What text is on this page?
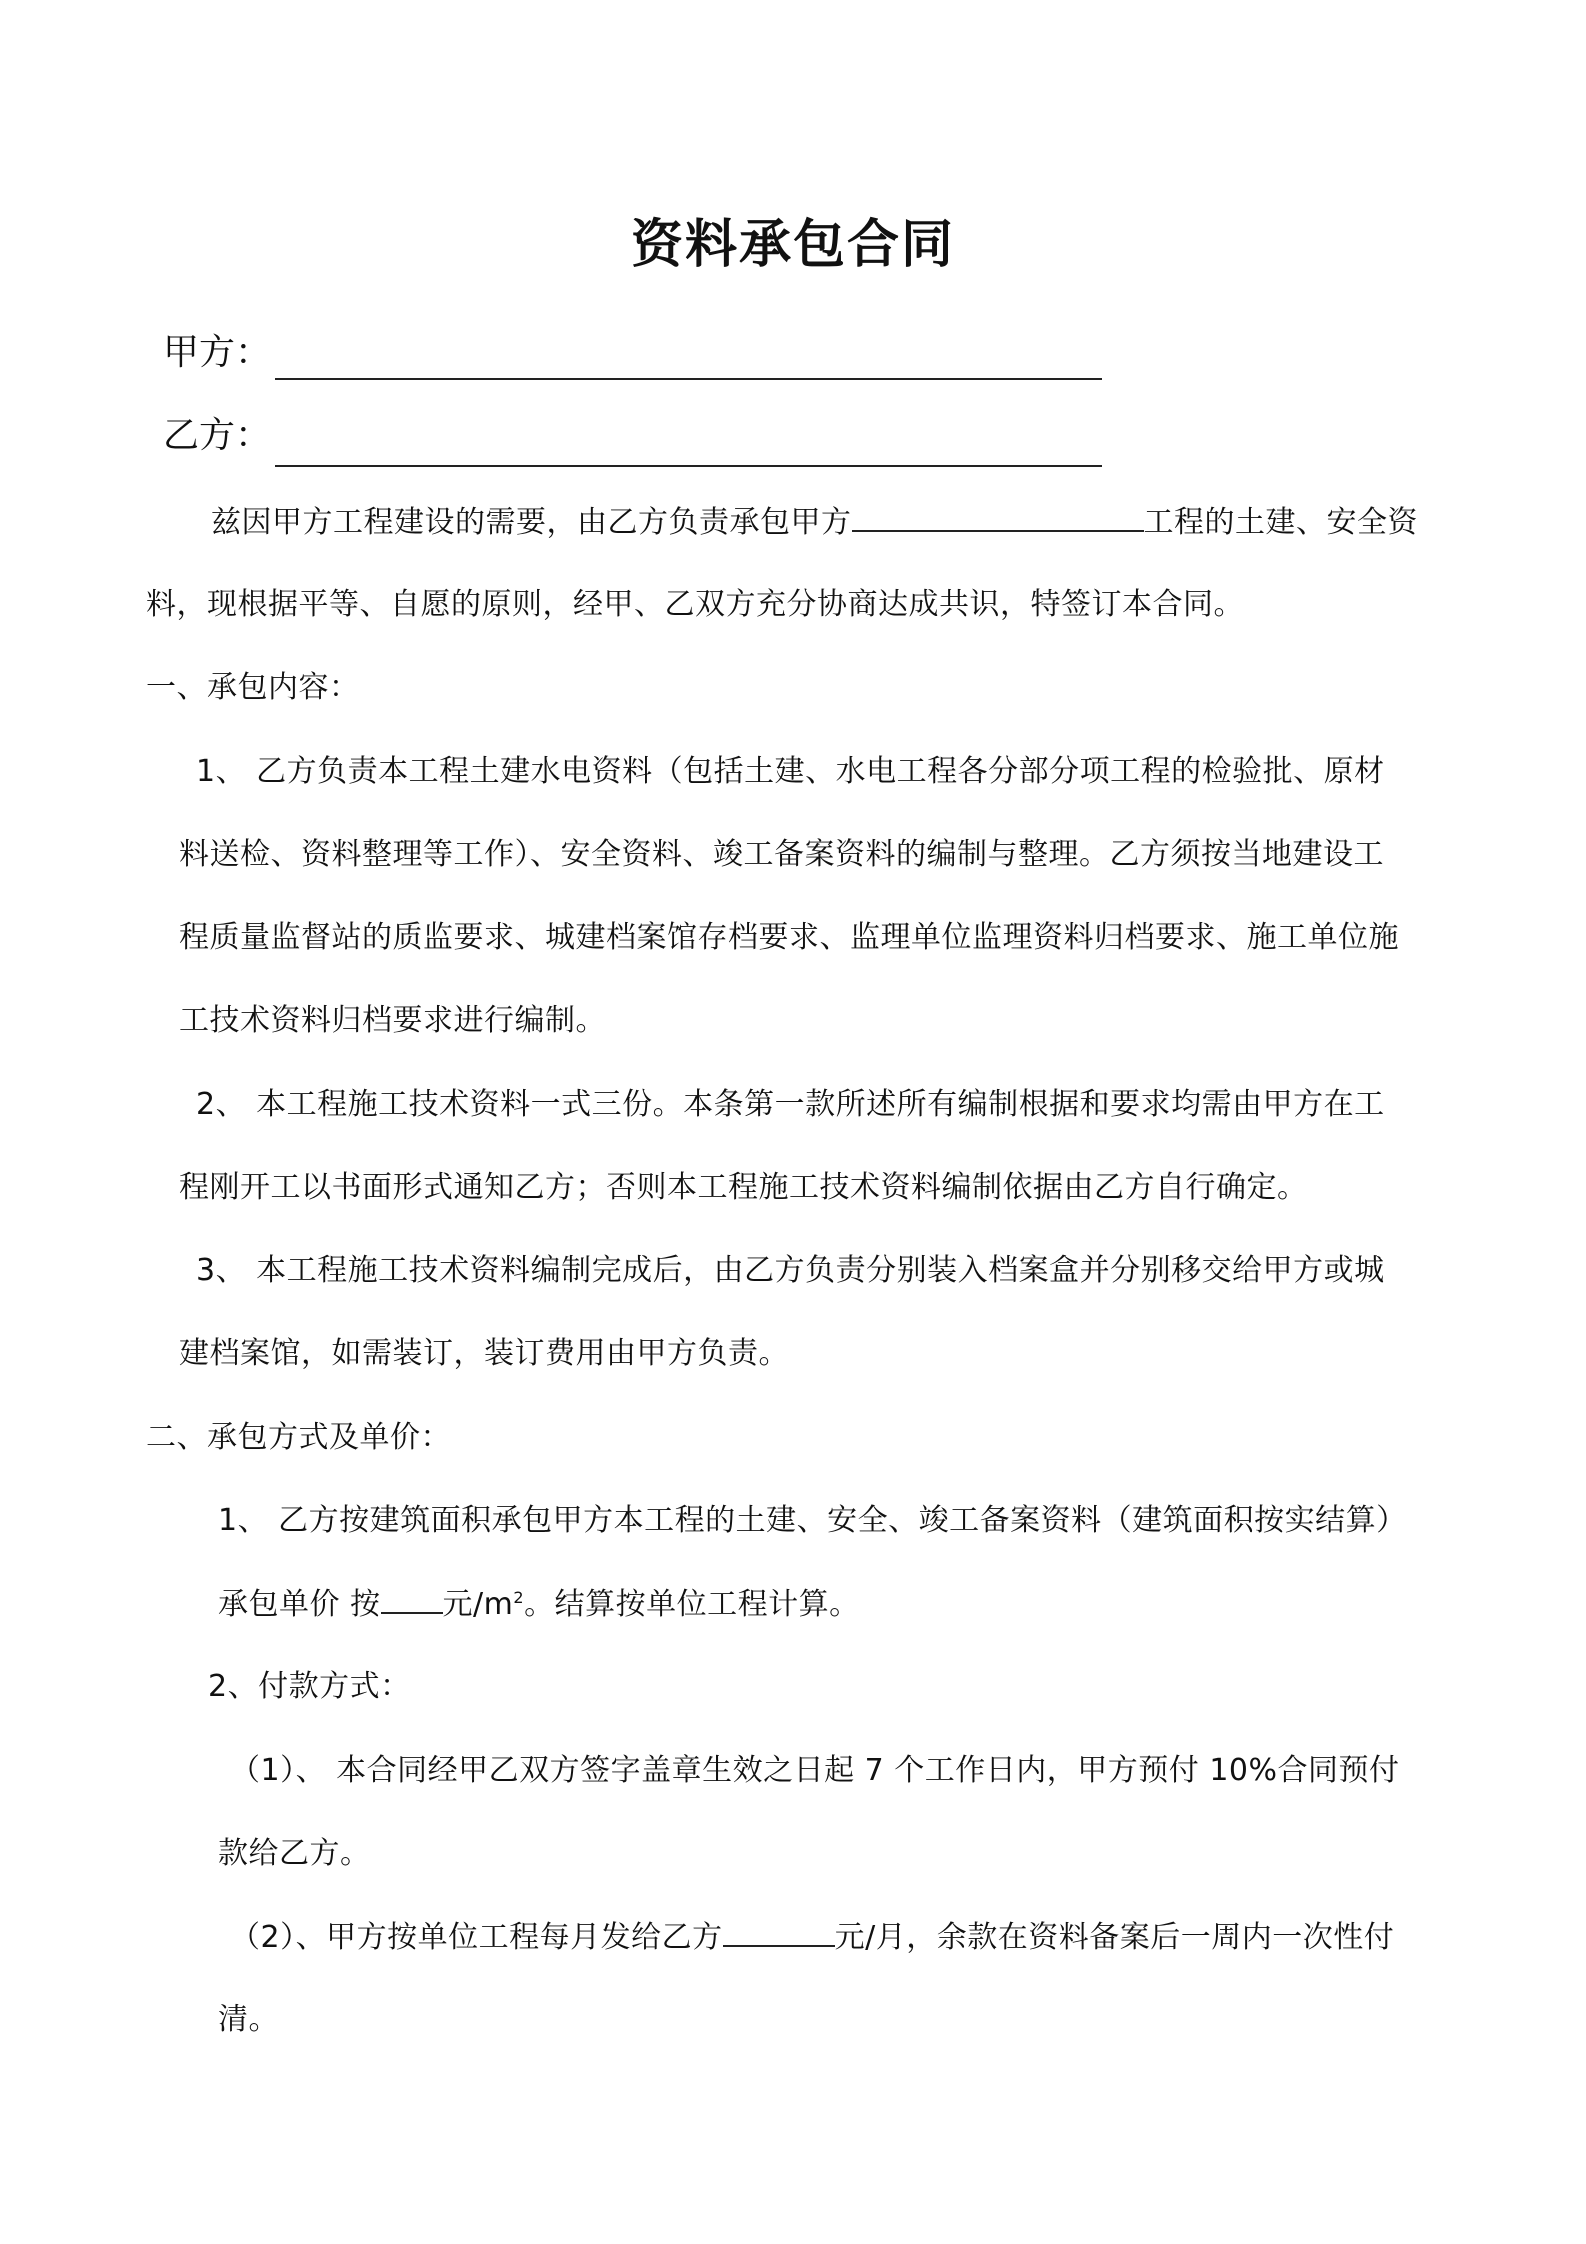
资料承包合同
甲方：
乙方：
兹因甲方工程建设的需要，由乙方负责承包甲方	工程的土建、安全资
料，现根据平等、自愿的原则，经甲、乙双方充分协商达成共识，特签订本合同。
一、承包内容：
1、 乙方负责本工程土建水电资料（包括土建、水电工程各分部分项工程的检验批、原材
料送检、资料整理等工作）、安全资料、竣工备案资料的编制与整理。乙方须按当地建设工
程质量监督站的质监要求、城建档案馆存档要求、监理单位监理资料归档要求、施工单位施
工技术资料归档要求进行编制。
2、 本工程施工技术资料一式三份。本条第一款所述所有编制根据和要求均需由甲方在工
程刚开工以书面形式通知乙方；否则本工程施工技术资料编制依据由乙方自行确定。
3、 本工程施工技术资料编制完成后，由乙方负责分别装入档案盒并分别移交给甲方或城
建档案馆，如需装订，装订费用由甲方负责。
二、承包方式及单价：
1、 乙方按建筑面积承包甲方本工程的土建、安全、竣工备案资料（建筑面积按实结算）
承包单价 按 元$/m^2$。结算按单位工程计算。
2、付款方式：
（1）、 本合同经甲乙双方签字盖章生效之日起 7 个工作日内，甲方预付 10%合同预付
款给乙方。
（2）、甲方按单位工程每月发给乙方	元/月，余款在资料备案后一周内一次性付
清。
